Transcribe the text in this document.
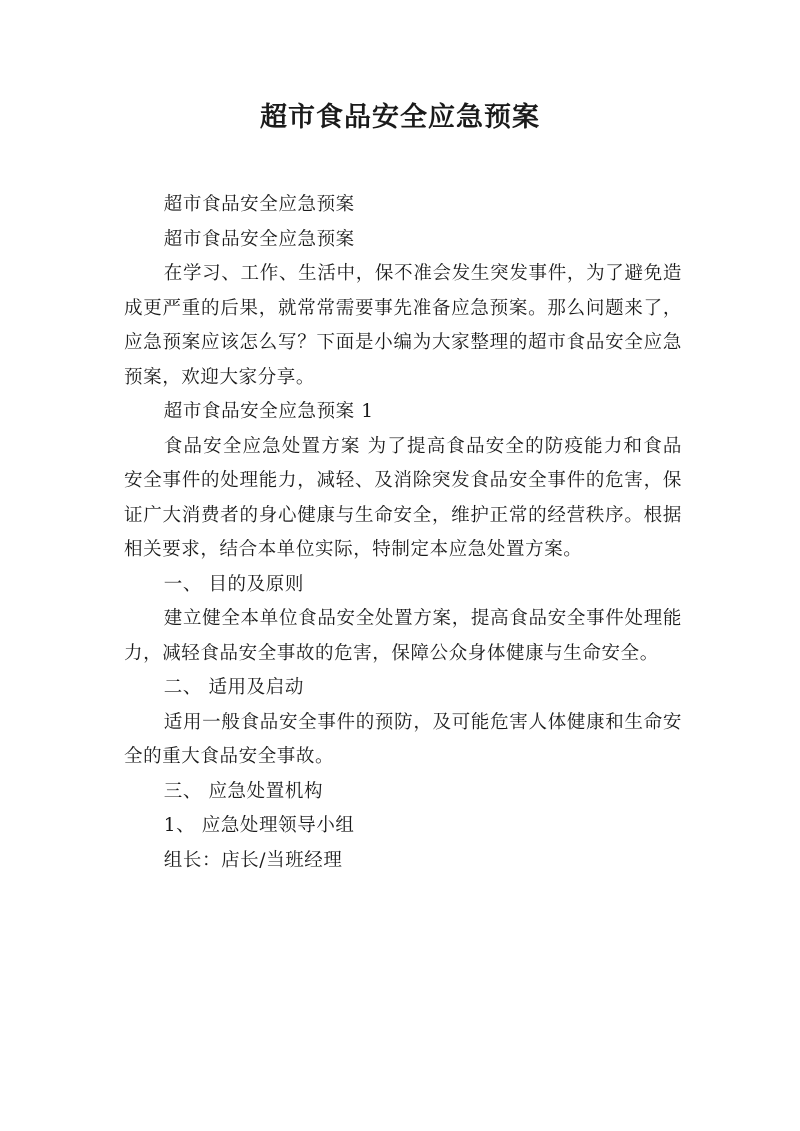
超市食品安全应急预案

超市食品安全应急预案

超市食品安全应急预案

在学习、工作、生活中，保不准会发生突发事件，为了避免造成更严重的后果，就常常需要事先准备应急预案。那么问题来了，应急预案应该怎么写？下面是小编为大家整理的超市食品安全应急预案，欢迎大家分享。

超市食品安全应急预案 1

食品安全应急处置方案 为了提高食品安全的防疫能力和食品安全事件的处理能力，减轻、及消除突发食品安全事件的危害，保证广大消费者的身心健康与生命安全，维护正常的经营秩序。根据相关要求，结合本单位实际，特制定本应急处置方案。

一、 目的及原则

建立健全本单位食品安全处置方案，提高食品安全事件处理能力，减轻食品安全事故的危害，保障公众身体健康与生命安全。

二、 适用及启动

适用一般食品安全事件的预防，及可能危害人体健康和生命安全的重大食品安全事故。

三、 应急处置机构

1、 应急处理领导小组

组长：店长/当班经理
